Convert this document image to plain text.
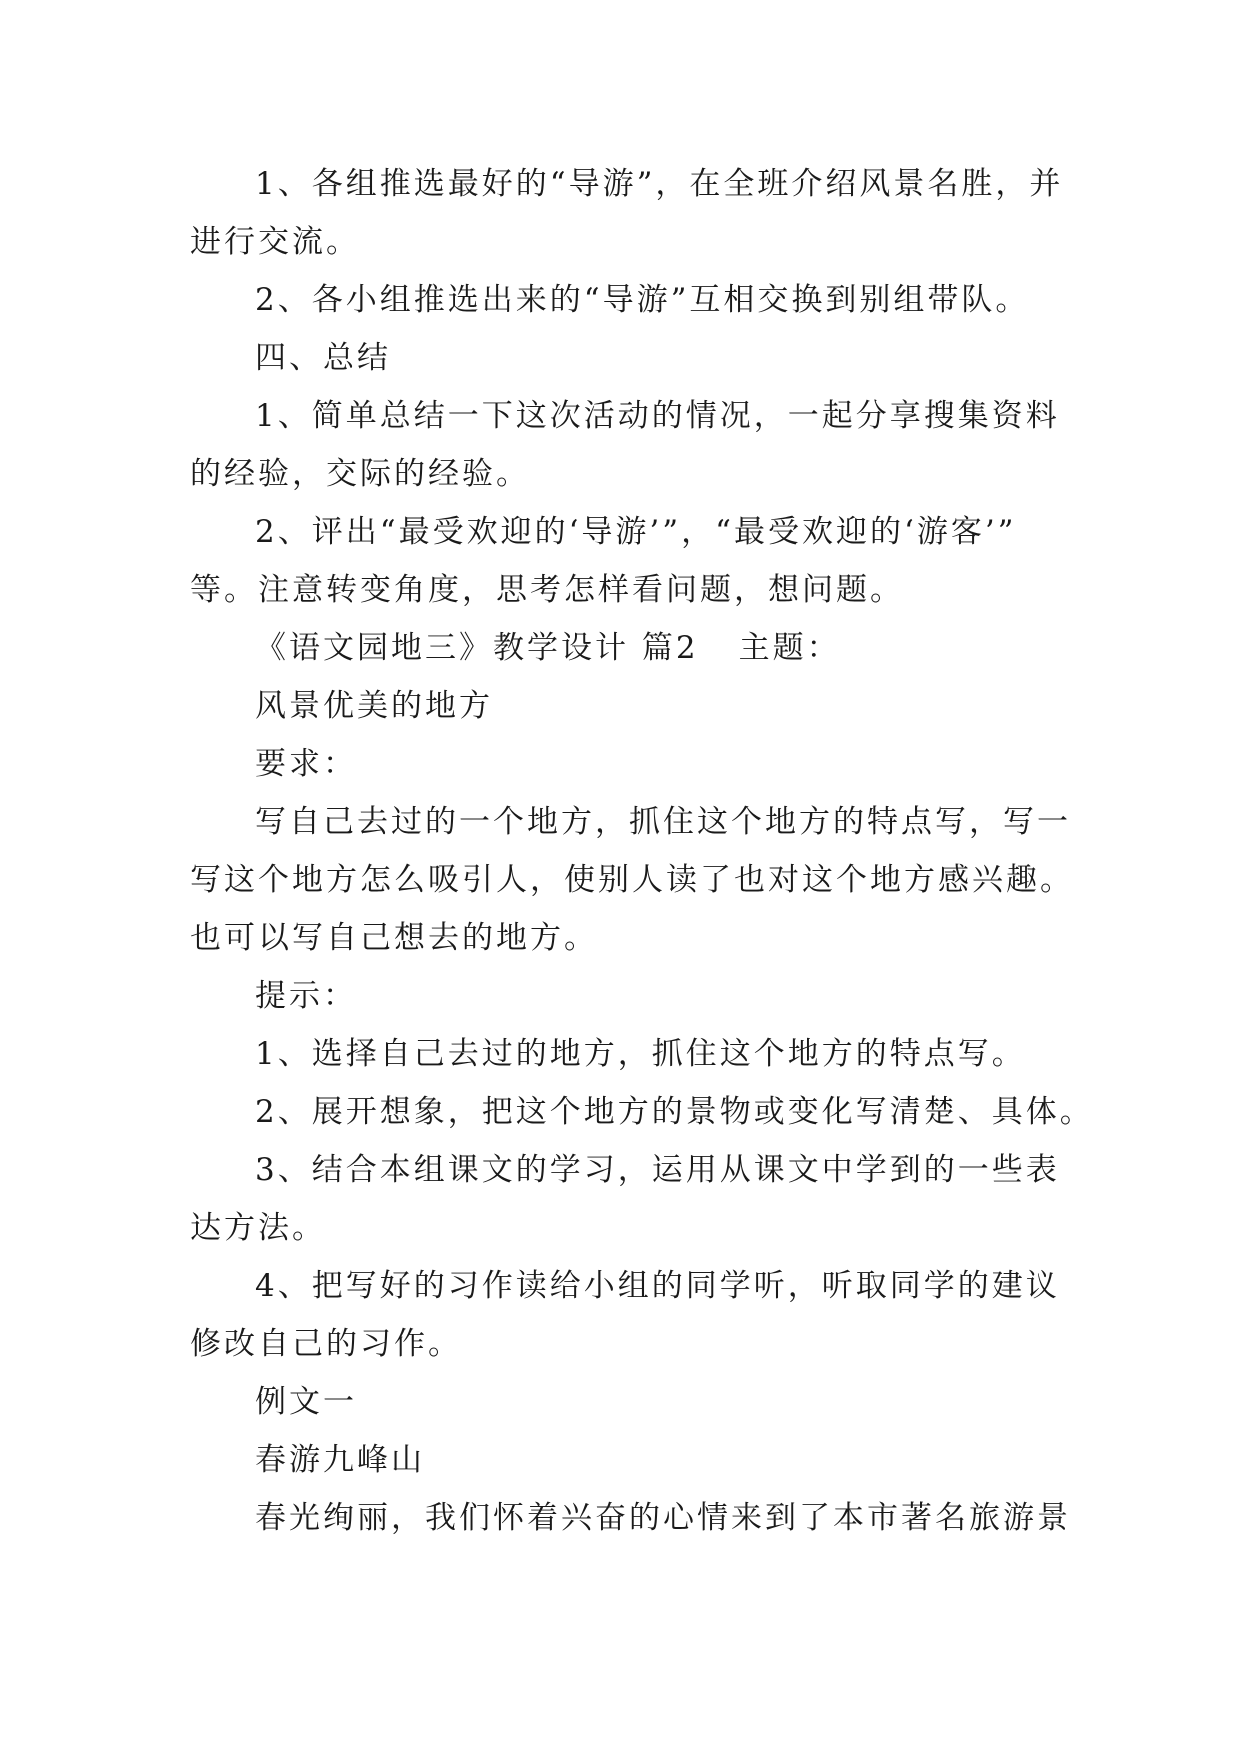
1、各组推选最好的“导游”，在全班介绍风景名胜，并

进行交流。

2、各小组推选出来的“导游”互相交换到别组带队。

四、总结

1、简单总结一下这次活动的情况，一起分享搜集资料

的经验，交际的经验。

2、评出“最受欢迎的‘导游’”，“最受欢迎的‘游客’”

等。注意转变角度，思考怎样看问题，想问题。

《语文园地三》教学设计 篇2 主题：

风景优美的地方

要求：

写自己去过的一个地方，抓住这个地方的特点写，写一

写这个地方怎么吸引人，使别人读了也对这个地方感兴趣。

也可以写自己想去的地方。

提示：

1、选择自己去过的地方，抓住这个地方的特点写。

2、展开想象，把这个地方的景物或变化写清楚、具体。

3、结合本组课文的学习，运用从课文中学到的一些表

达方法。

4、把写好的习作读给小组的同学听，听取同学的建议

修改自己的习作。

例文一

春游九峰山

春光绚丽，我们怀着兴奋的心情来到了本市著名旅游景
